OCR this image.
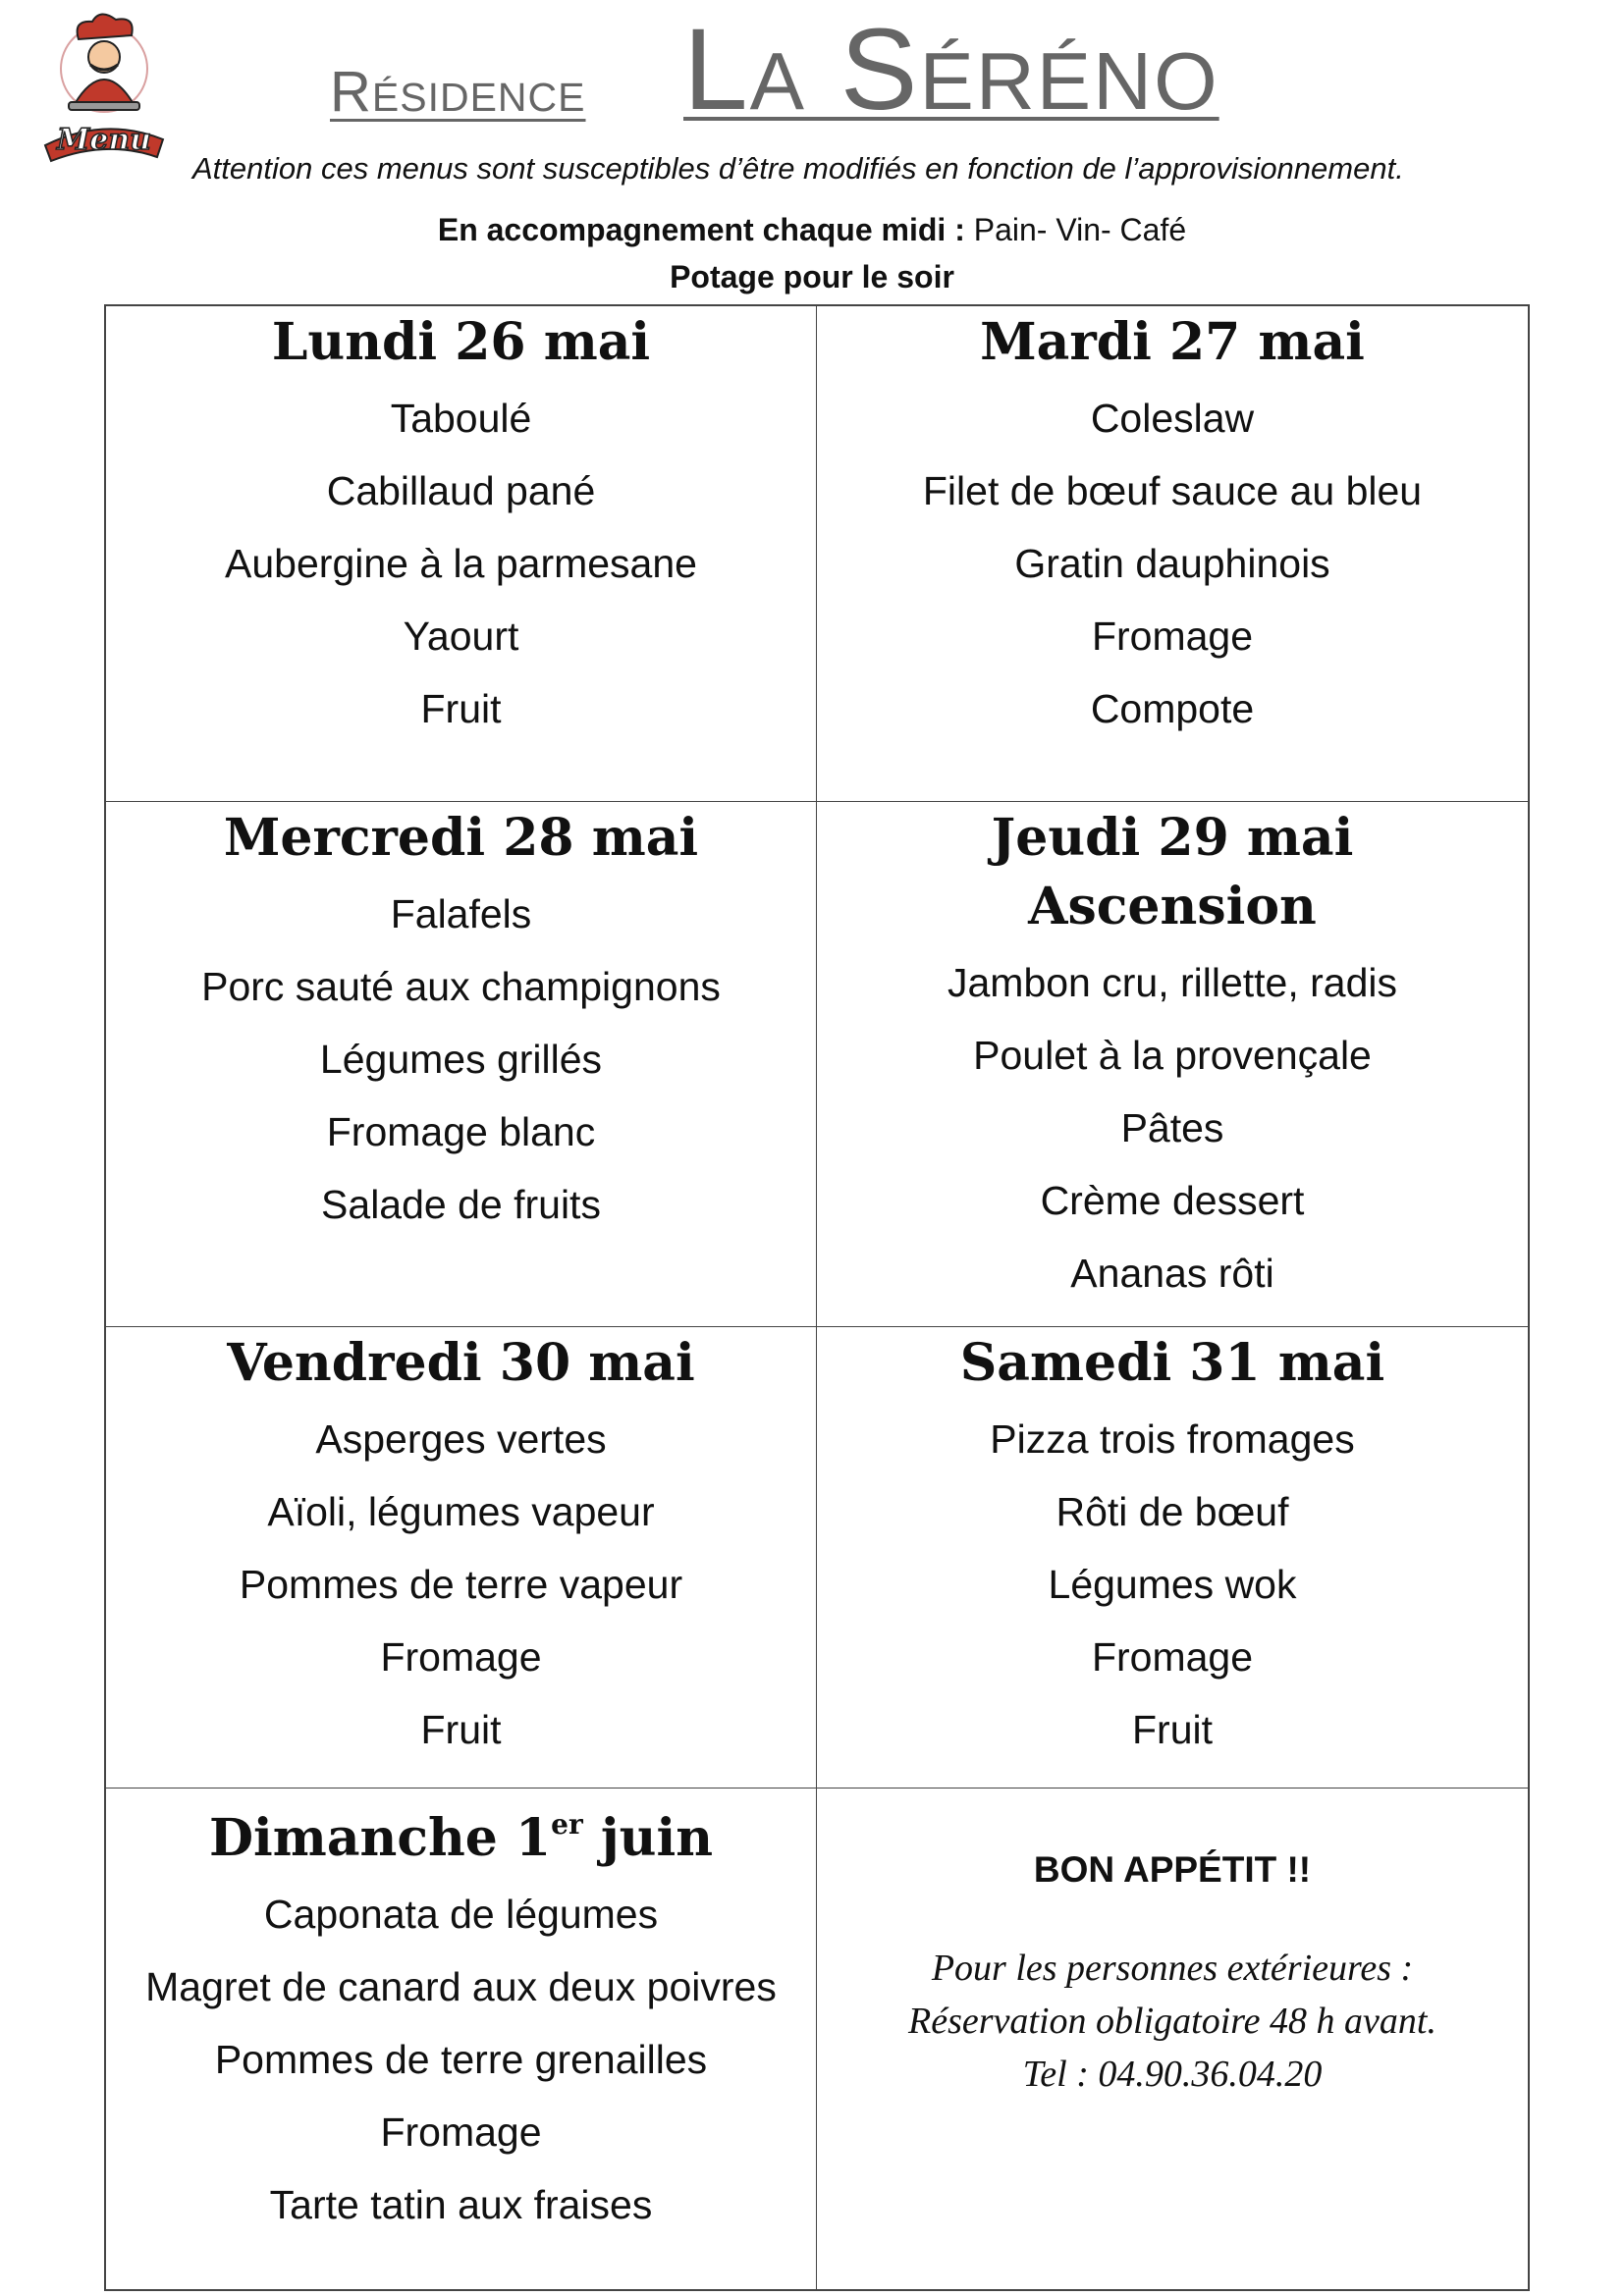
Menu
Résidence La Séréno
Attention ces menus sont susceptibles d’être modifiés en fonction de l’approvisionnement.
En accompagnement chaque midi : Pain- Vin- Café
Potage pour le soir
Lundi 26 mai
Taboulé
Cabillaud pané
Aubergine à la parmesane
Yaourt
Fruit
Mardi 27 mai
Coleslaw
Filet de bœuf sauce au bleu
Gratin dauphinois
Fromage
Compote
Mercredi 28 mai
Falafels
Porc sauté aux champignons
Légumes grillés
Fromage blanc
Salade de fruits
Jeudi 29 mai
Ascension
Jambon cru, rillette, radis
Poulet à la provençale
Pâtes
Crème dessert
Ananas rôti
Vendredi 30 mai
Asperges vertes
Aïoli, légumes vapeur
Pommes de terre vapeur
Fromage
Fruit
Samedi 31 mai
Pizza trois fromages
Rôti de bœuf
Légumes wok
Fromage
Fruit
Dimanche 1er juin
Caponata de légumes
Magret de canard aux deux poivres
Pommes de terre grenailles
Fromage
Tarte tatin aux fraises
BON APPÉTIT !!
Pour les personnes extérieures :
Réservation obligatoire 48 h avant.
Tel : 04.90.36.04.20
